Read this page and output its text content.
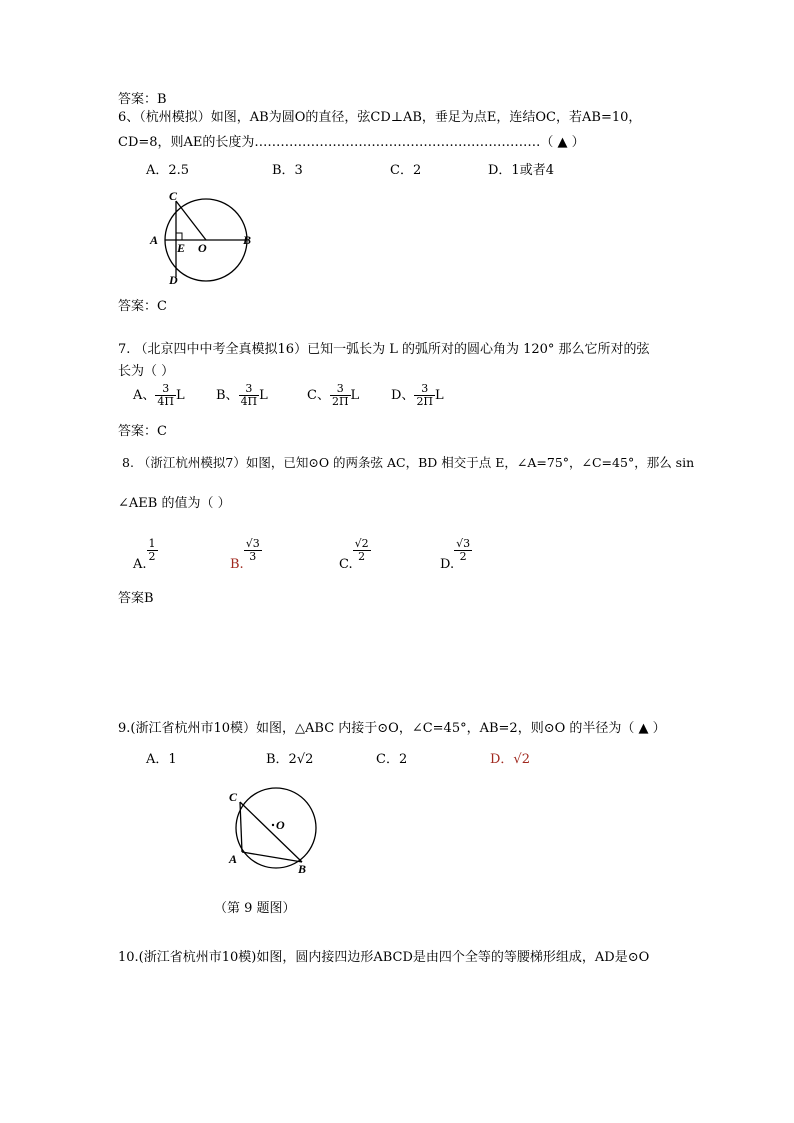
答案：B
6、（杭州模拟）如图，AB为圆O的直径，弦CD⊥AB，垂足为点E，连结OC，若AB=10，
CD=8，则AE的长度为…………………………………………………………（ ▲ ）
A．2.5	B．3	C．2	D．1或者4
C
A
E O
B
D
答案：C
7. （北京四中中考全真模拟16）已知一弧长为 L 的弧所对的圆心角为 120° 那么它所对的弦
长为（ ）
A、 $\frac{3}{4\Pi}$ L B、 $\frac{3}{4\Pi}$ L	C、 $\frac{3}{2\Pi}$ L D、 $\frac{3}{2\Pi}$ L
答案：C
8. （浙江杭州模拟7）如图，已知⊙O 的两条弦 AC，BD 相交于点 E，∠A=75°，∠C=45°，那么 sin
∠AEB 的值为（ ）
A.
$\frac{1}{2}$
B.
$\frac{√3}{3}$
C.
$\frac{√2}{2}$
D.
$\frac{√3}{2}$
答案B
9.(浙江省杭州市10模）如图，△ABC 内接于⊙O，∠C=45°，AB=2，则⊙O 的半径为（ ▲ ）
A．1	B．2√2	C．2	D．√2
C
O
A
B
（第 9 题图）
10.(浙江省杭州市10模)如图，圆内接四边形ABCD是由四个全等的等腰梯形组成，AD是⊙O
